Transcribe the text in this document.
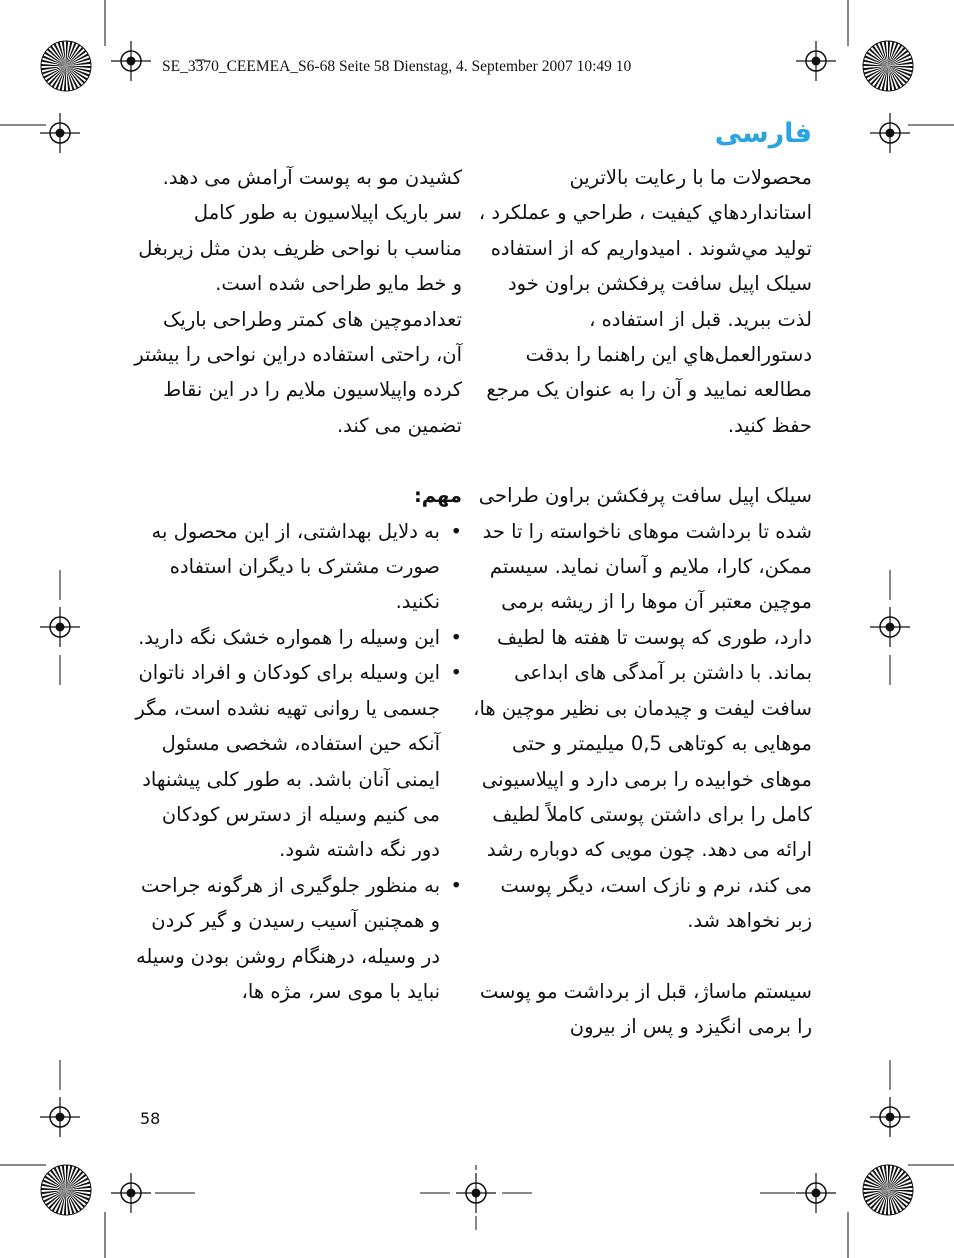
SE_3370_CEEMEA_S6-68 Seite 58 Dienstag, 4. September 2007 10:49 10
فارسی

محصولات ما با رعایت بالاترین استانداردهاي کيفيت ، طراحي و عملکرد ، توليد مي‌شوند . اميدواريم که از استفاده سيلک اپيل سافت پرفکشن براون خود لذت ببريد. قبل از استفاده ، دستورالعمل‌هاي اين راهنما را بدقت مطالعه نماييد و آن را به عنوان يک مرجع حفظ کنيد.

سیلک اپیل سافت پرفکشن براون طراحی شده تا برداشت موهای ناخواسته را تا حد ممکن، کارا، ملایم و آسان نماید. سیستم موچین معتبر آن موها را از ریشه برمی دارد، طوری که پوست تا هفته ها لطیف بماند. با داشتن بر آمدگی های ابداعی سافت لیفت و چیدمان بی نظیر موچین ها، موهایی به کوتاهی 0,5 میلیمتر و حتی موهای خوابیده را برمی دارد و اپیلاسیونی کامل را برای داشتن پوستی کاملاً لطیف ارائه می دهد. چون مویی که دوباره رشد می کند، نرم و نازک است، دیگر پوست زبر نخواهد شد.

سیستم ماساژ، قبل از برداشت مو پوست را برمی انگیزد و پس از بیرون

کشیدن مو به پوست آرامش می دهد. سر باریک اپیلاسیون به طور کامل مناسب با نواحی ظریف بدن مثل زیربغل و خط مایو طراحی شده است. تعدادموچین های کمتر وطراحی باریک آن، راحتی استفاده دراین نواحی را بیشتر کرده واپیلاسیون ملایم را در این نقاط تضمین می کند.

مهم:

• به دلایل بهداشتی، از این محصول به صورت مشترک با دیگران استفاده نکنید.
• این وسیله را همواره خشک نگه دارید.
• این وسیله برای کودکان و افراد ناتوان جسمی یا روانی تهیه نشده است، مگر آنکه حین استفاده، شخصی مسئول ایمنی آنان باشد. به طور کلی پیشنهاد می کنیم وسیله از دسترس کودکان دور نگه داشته شود.
• به منظور جلوگیری از هرگونه جراحت و همچنین آسیب رسیدن و گیر کردن در وسیله، درهنگام روشن بودن وسیله نباید با موی سر، مژه ها،
58
